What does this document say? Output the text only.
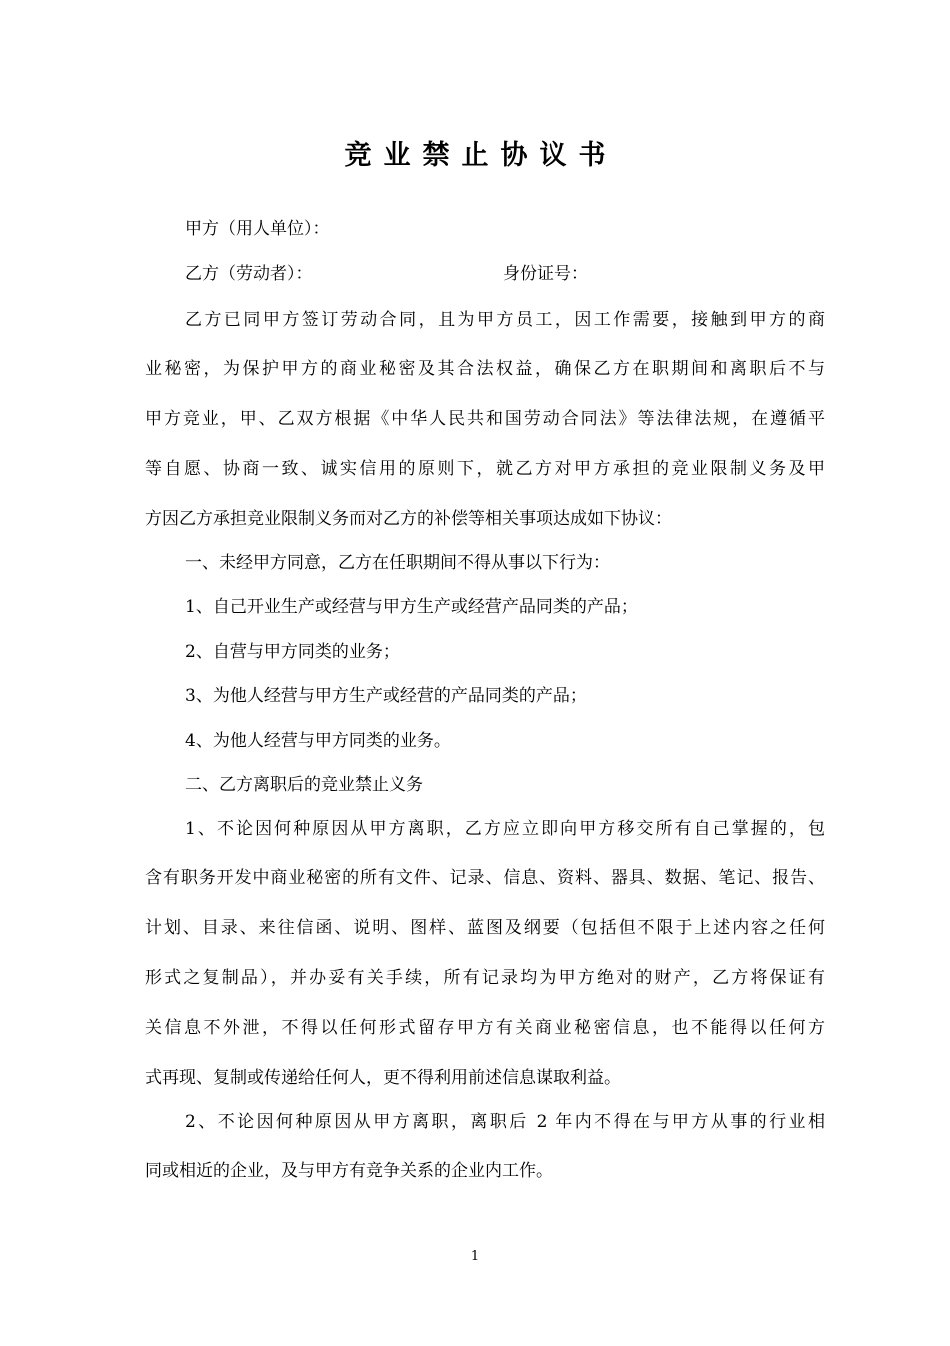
竞业禁止协议书
甲方（用人单位）：
乙方（劳动者）：	身份证号：
乙方已同甲方签订劳动合同，且为甲方员工，因工作需要，接触到甲方的商
业秘密，为保护甲方的商业秘密及其合法权益，确保乙方在职期间和离职后不与
甲方竞业，甲、乙双方根据《中华人民共和国劳动合同法》等法律法规，在遵循平
等自愿、协商一致、诚实信用的原则下，就乙方对甲方承担的竞业限制义务及甲
方因乙方承担竞业限制义务而对乙方的补偿等相关事项达成如下协议：
一、未经甲方同意，乙方在任职期间不得从事以下行为：
1、自己开业生产或经营与甲方生产或经营产品同类的产品；
2、自营与甲方同类的业务；
3、为他人经营与甲方生产或经营的产品同类的产品；
4、为他人经营与甲方同类的业务。
二、乙方离职后的竞业禁止义务
1、不论因何种原因从甲方离职，乙方应立即向甲方移交所有自己掌握的，包
含有职务开发中商业秘密的所有文件、记录、信息、资料、器具、数据、笔记、报告、
计划、目录、来往信函、说明、图样、蓝图及纲要（包括但不限于上述内容之任何
形式之复制品），并办妥有关手续，所有记录均为甲方绝对的财产，乙方将保证有
关信息不外泄，不得以任何形式留存甲方有关商业秘密信息，也不能得以任何方
式再现、复制或传递给任何人，更不得利用前述信息谋取利益。
2、不论因何种原因从甲方离职，离职后 2 年内不得在与甲方从事的行业相
同或相近的企业，及与甲方有竞争关系的企业内工作。
1
